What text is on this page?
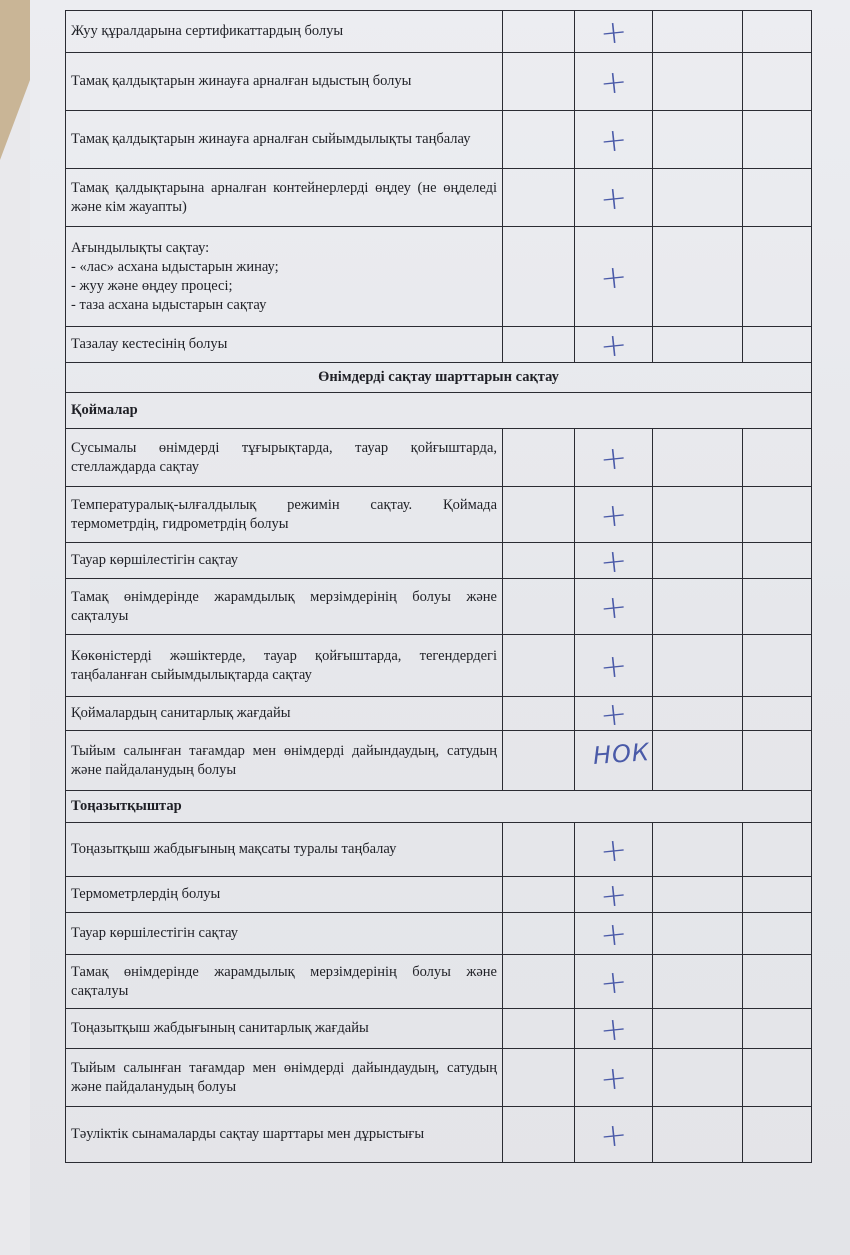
Жуу құралдарына сертификаттардың болуы		+		

Тамақ қалдықтарын жинауға арналған ыдыстың болуы		+		

Тамақ қалдықтарын жинауға арналған сыйымдылықты таңбалау		+		

Тамақ қалдықтарына арналған контейнерлерді өңдеу (не өңделеді және кім жауапты)		+		

Ағындылықты сақтау:
- «лас» асхана ыдыстарын жинау;
- жуу және өңдеу процесі;
- таза асхана ыдыстарын сақтау		+		

Тазалау кестесінің болуы		+		

Өнімдерді сақтау шарттарын сақтау				
Қоймалар				
Сусымалы өнімдерді тұғырықтарда, тауар қойғыштарда, стеллаждарда сақтау		+		

Температуралық-ылғалдылық режимін сақтау. Қоймада термометрдің, гидрометрдің болуы		+		

Тауар көршілестігін сақтау		+		

Тамақ өнімдерінде жарамдылық мерзімдерінің болуы және сақталуы		+		

Көкөністерді жәшіктерде, тауар қойғыштарда, тегендердегі таңбаланған сыйымдылықтарда сақтау		+		

Қоймалардың санитарлық жағдайы		+		

Тыйым салынған тағамдар мен өнімдерді дайындаудың, сатудың және пайдаланудың болуы		НОК		

Тоңазытқыштар				
Тоңазытқыш жабдығының мақсаты туралы таңбалау		+		

Термометрлердің болуы		+		

Тауар көршілестігін сақтау		+		

Тамақ өнімдерінде жарамдылық мерзімдерінің болуы және сақталуы		+		

Тоңазытқыш жабдығының санитарлық жағдайы		+		

Тыйым салынған тағамдар мен өнімдерді дайындаудың, сатудың және пайдаланудың болуы		+		

Тәуліктік сынамаларды сақтау шарттары мен дұрыстығы		+		
